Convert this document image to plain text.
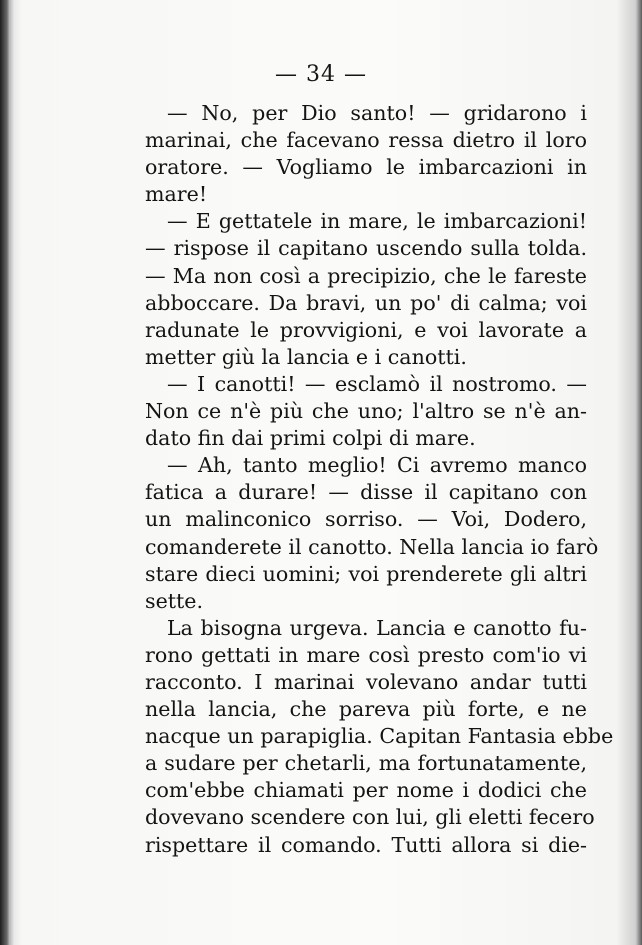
— 34 —
— No, per Dio santo! — gridarono i
marinai, che facevano ressa dietro il loro
oratore. — Vogliamo le imbarcazioni in
mare!
— E gettatele in mare, le imbarcazioni!
— rispose il capitano uscendo sulla tolda.
— Ma non così a precipizio, che le fareste
abboccare. Da bravi, un po' di calma; voi
radunate le provvigioni, e voi lavorate a
metter giù la lancia e i canotti.
— I canotti! — esclamò il nostromo. —
Non ce n'è più che uno; l'altro se n'è an-
dato fin dai primi colpi di mare.
— Ah, tanto meglio! Ci avremo manco
fatica a durare! — disse il capitano con
un malinconico sorriso. — Voi, Dodero,
comanderete il canotto. Nella lancia io farò
stare dieci uomini; voi prenderete gli altri
sette.
La bisogna urgeva. Lancia e canotto fu-
rono gettati in mare così presto com'io vi
racconto. I marinai volevano andar tutti
nella lancia, che pareva più forte, e ne
nacque un parapiglia. Capitan Fantasia ebbe
a sudare per chetarli, ma fortunatamente,
com'ebbe chiamati per nome i dodici che
dovevano scendere con lui, gli eletti fecero
rispettare il comando. Tutti allora si die-
